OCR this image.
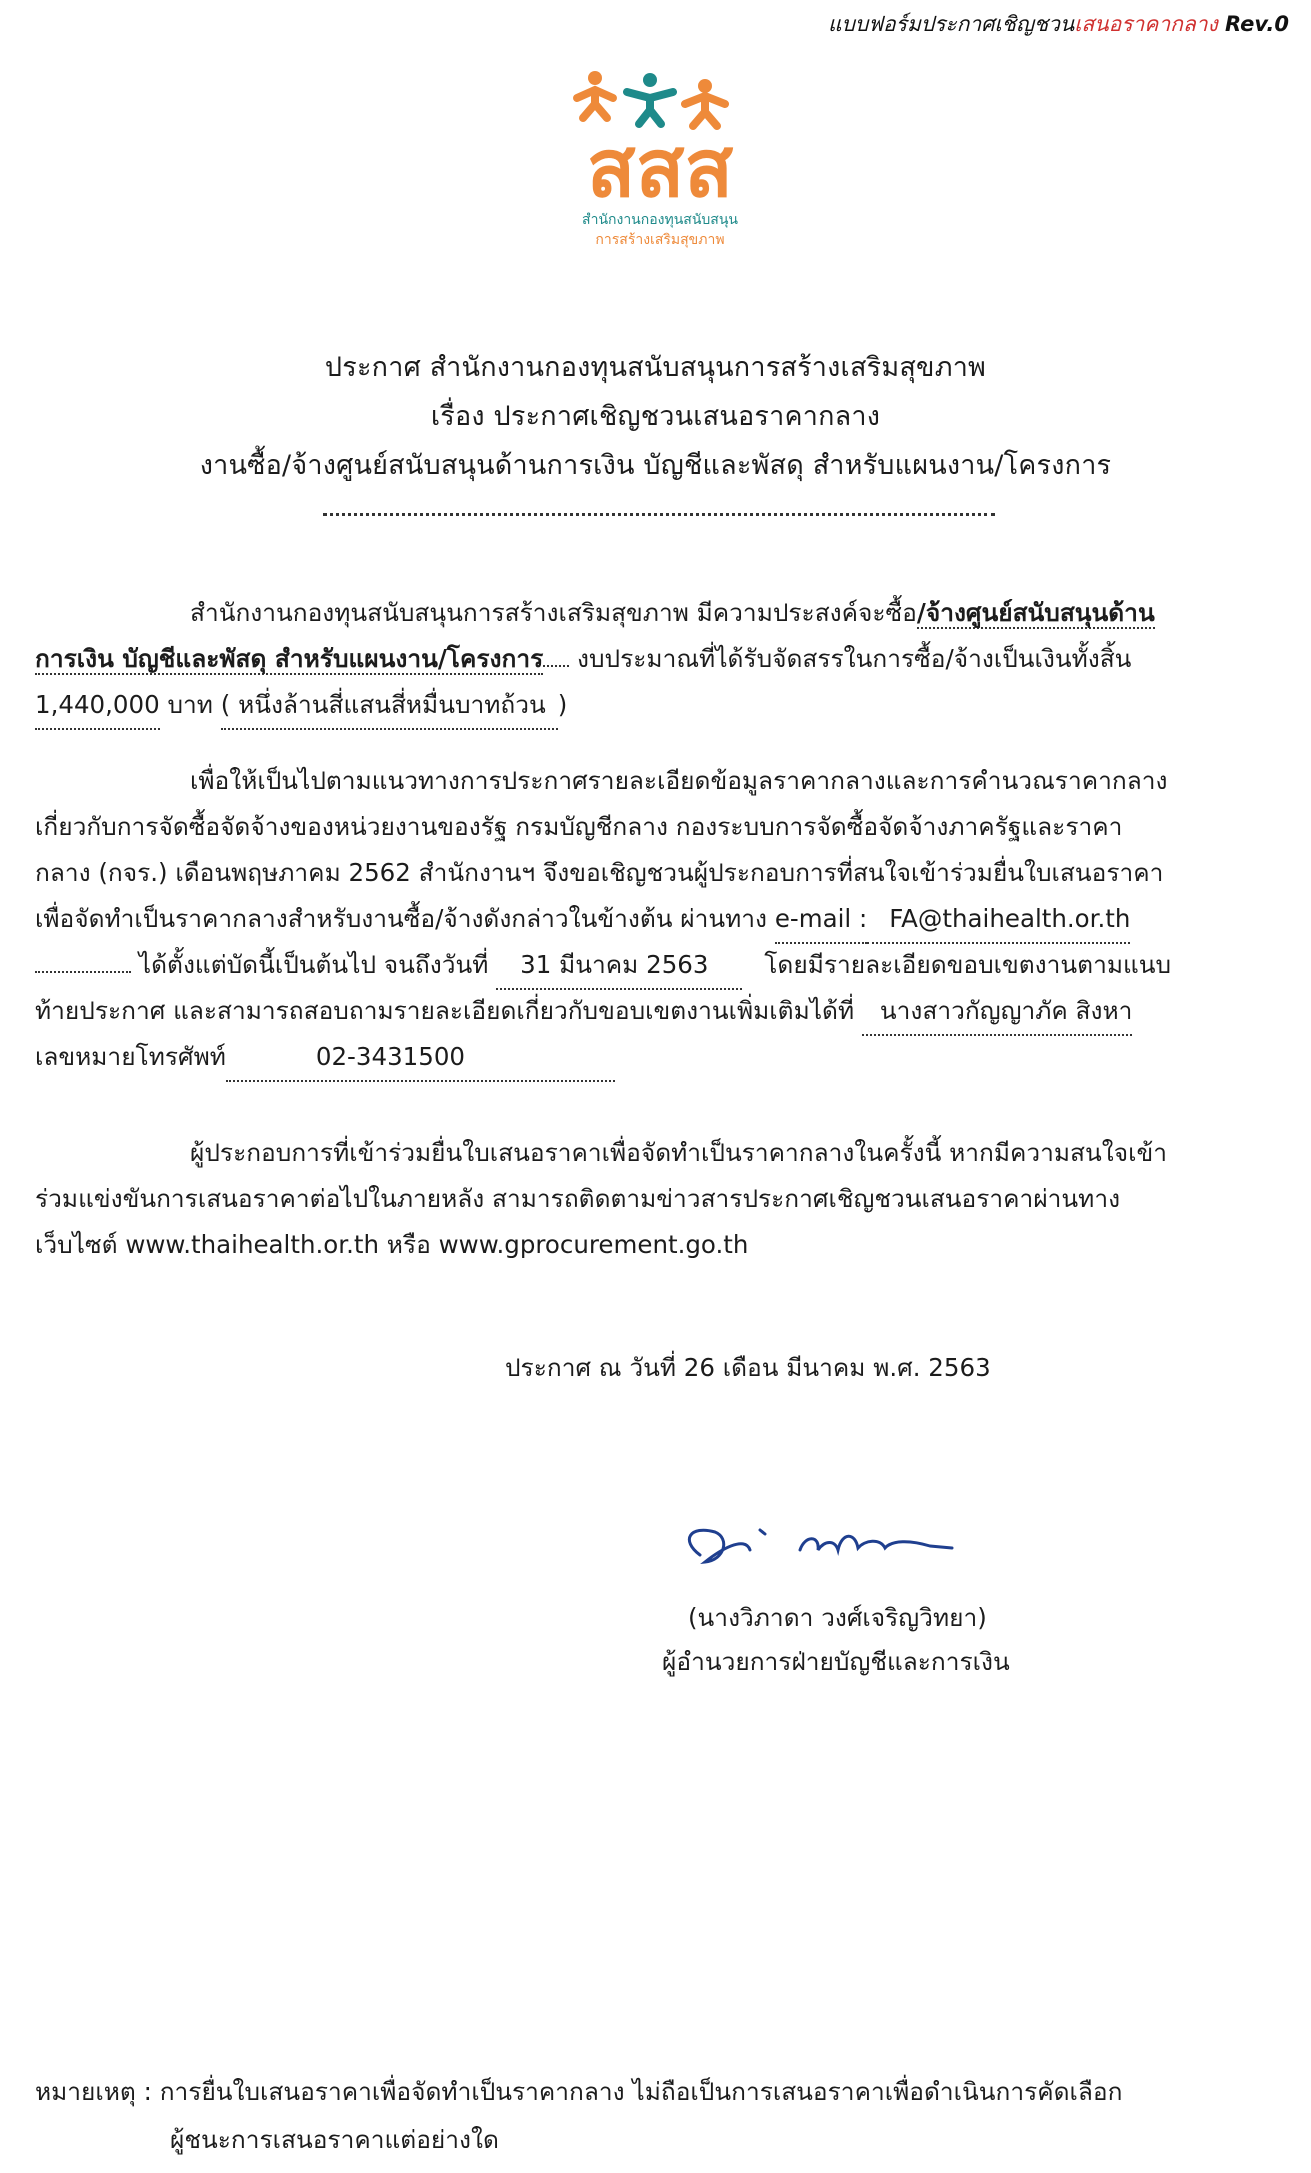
แบบฟอร์มประกาศเชิญชวนเสนอราคากลาง Rev.0
สสส
สำนักงานกองทุนสนับสนุน
การสร้างเสริมสุขภาพ
ประกาศ สำนักงานกองทุนสนับสนุนการสร้างเสริมสุขภาพ
เรื่อง ประกาศเชิญชวนเสนอราคากลาง
งานซื้อ/จ้างศูนย์สนับสนุนด้านการเงิน บัญชีและพัสดุ สำหรับแผนงาน/โครงการ
สำนักงานกองทุนสนับสนุนการสร้างเสริมสุขภาพ มีความประสงค์จะซื้อ/จ้างศูนย์สนับสนุนด้าน
การเงิน บัญชีและพัสดุ สำหรับแผนงาน/โครงการ งบประมาณที่ได้รับจัดสรรในการซื้อ/จ้างเป็นเงินทั้งสิ้น
1,440,000 บาท ( หนึ่งล้านสี่แสนสี่หมื่นบาทถ้วน )
เพื่อให้เป็นไปตามแนวทางการประกาศรายละเอียดข้อมูลราคากลางและการคำนวณราคากลาง
เกี่ยวกับการจัดซื้อจัดจ้างของหน่วยงานของรัฐ กรมบัญชีกลาง กองระบบการจัดซื้อจัดจ้างภาครัฐและราคา
กลาง (กจร.) เดือนพฤษภาคม 2562 สำนักงานฯ จึงขอเชิญชวนผู้ประกอบการที่สนใจเข้าร่วมยื่นใบเสนอราคา
เพื่อจัดทำเป็นราคากลางสำหรับงานซื้อ/จ้างดังกล่าวในข้างต้น ผ่านทาง e-mail : FA@thaihealth.or.th
ได้ตั้งแต่บัดนี้เป็นต้นไป จนถึงวันที่ 31 มีนาคม 2563 โดยมีรายละเอียดขอบเขตงานตามแนบ
ท้ายประกาศ และสามารถสอบถามรายละเอียดเกี่ยวกับขอบเขตงานเพิ่มเติมได้ที่ นางสาวกัญญาภัค สิงหา
เลขหมายโทรศัพท์	02-3431500
ผู้ประกอบการที่เข้าร่วมยื่นใบเสนอราคาเพื่อจัดทำเป็นราคากลางในครั้งนี้ หากมีความสนใจเข้า
ร่วมแข่งขันการเสนอราคาต่อไปในภายหลัง สามารถติดตามข่าวสารประกาศเชิญชวนเสนอราคาผ่านทาง
เว็บไซต์ www.thaihealth.or.th หรือ www.gprocurement.go.th
ประกาศ ณ วันที่ 26 เดือน มีนาคม พ.ศ. 2563
(นางวิภาดา วงศ์เจริญวิทยา)
ผู้อำนวยการฝ่ายบัญชีและการเงิน
หมายเหตุ : การยื่นใบเสนอราคาเพื่อจัดทำเป็นราคากลาง ไม่ถือเป็นการเสนอราคาเพื่อดำเนินการคัดเลือก
ผู้ชนะการเสนอราคาแต่อย่างใด
